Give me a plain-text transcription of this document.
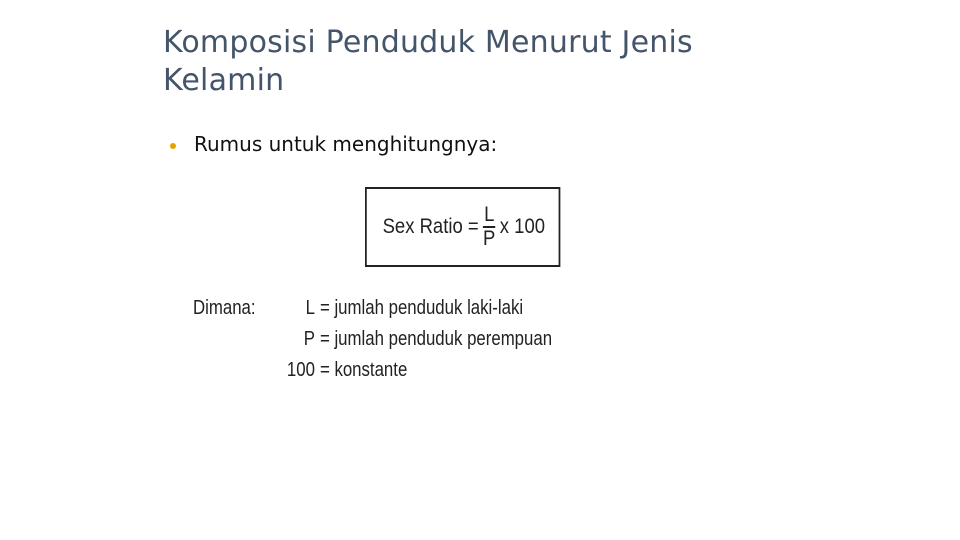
Komposisi Penduduk Menurut Jenis
Kelamin
Rumus untuk menghitungnya:
Sex Ratio = $\frac{L}{P}$ x 100
Dimana:	L = jumlah penduduk laki-laki
P = jumlah penduduk perempuan
100 = konstante
